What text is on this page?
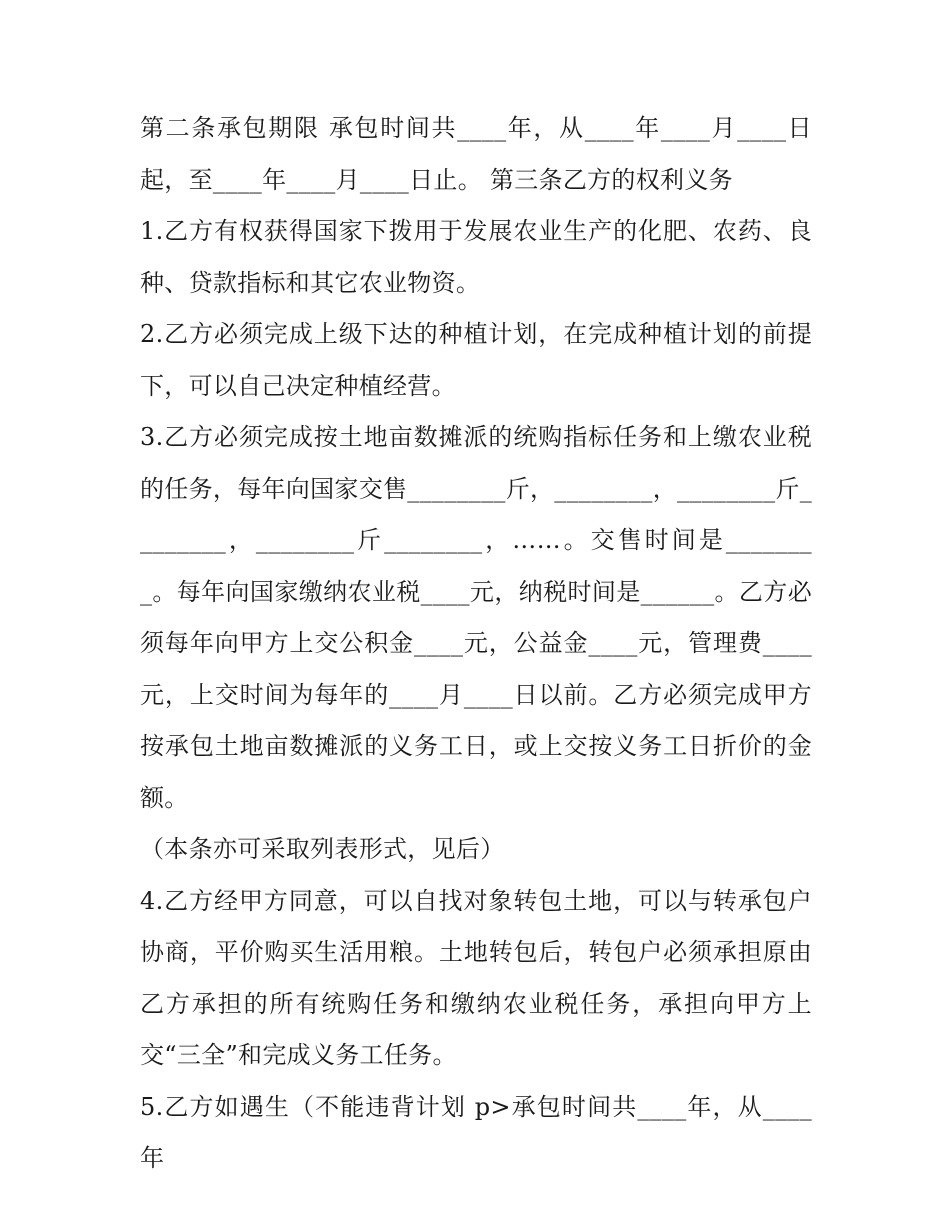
第二条承包期限 承包时间共____年，从____年____月____日起，至____年____月____日止。 第三条乙方的权利义务

1.乙方有权获得国家下拨用于发展农业生产的化肥、农药、良种、贷款指标和其它农业物资。

2.乙方必须完成上级下达的种植计划，在完成种植计划的前提下，可以自己决定种植经营。

3.乙方必须完成按土地亩数摊派的统购指标任务和上缴农业税的任务，每年向国家交售________斤，________，________斤________，________斤________，……。交售时间是________。每年向国家缴纳农业税____元，纳税时间是______。乙方必须每年向甲方上交公积金____元，公益金____元，管理费____元，上交时间为每年的____月____日以前。乙方必须完成甲方按承包土地亩数摊派的义务工日，或上交按义务工日折价的金额。

（本条亦可采取列表形式，见后）

4.乙方经甲方同意，可以自找对象转包土地，可以与转承包户协商，平价购买生活用粮。土地转包后，转包户必须承担原由乙方承担的所有统购任务和缴纳农业税任务，承担向甲方上交“三全”和完成义务工任务。

5.乙方如遇生（不能违背计划 p>承包时间共____年，从____年
